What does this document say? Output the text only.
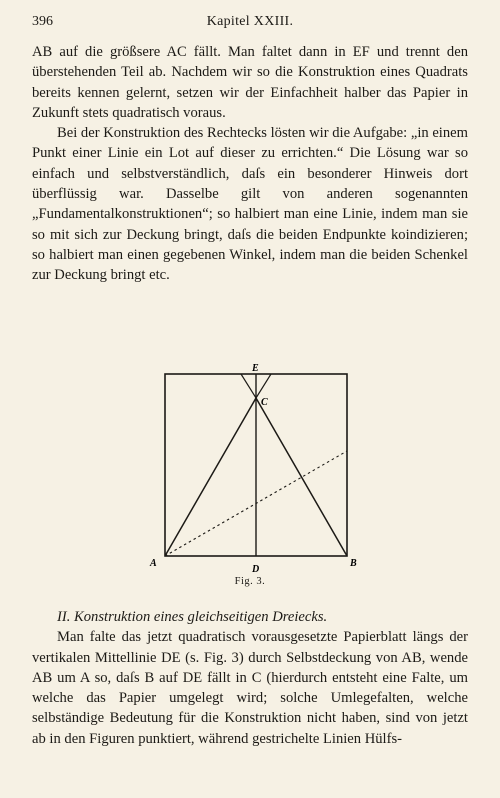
396	Kapitel XXIII.

AB auf die größsere AC fällt. Man faltet dann in EF und trennt den überstehenden Teil ab. Nachdem wir so die Konstruktion eines Quadrats bereits kennen gelernt, setzen wir der Einfachheit halber das Papier in Zukunft stets quadratisch voraus.

Bei der Konstruktion des Rechtecks lösten wir die Aufgabe: „in einem Punkt einer Linie ein Lot auf dieser zu errichten.“ Die Lösung war so einfach und selbstverständlich, daſs ein besonderer Hinweis dort überflüssig war. Dasselbe gilt von anderen sogenannten „Fundamentalkonstruktionen“; so halbiert man eine Linie, indem man sie so mit sich zur Deckung bringt, daſs die beiden Endpunkte koindizieren; so halbiert man einen gegebenen Winkel, indem man die beiden Schenkel zur Deckung bringt etc.

E
C
A
D
B
Fig. 3.

II. Konstruktion eines gleichseitigen Dreiecks.

Man falte das jetzt quadratisch vorausgesetzte Papierblatt längs der vertikalen Mittellinie DE (s. Fig. 3) durch Selbstdeckung von AB, wende AB um A so, daſs B auf DE fällt in C (hierdurch entsteht eine Falte, um welche das Papier umgelegt wird; solche Umlegefalten, welche selbständige Bedeutung für die Konstruktion nicht haben, sind von jetzt ab in den Figuren punktiert, während gestrichelte Linien Hülfs-
